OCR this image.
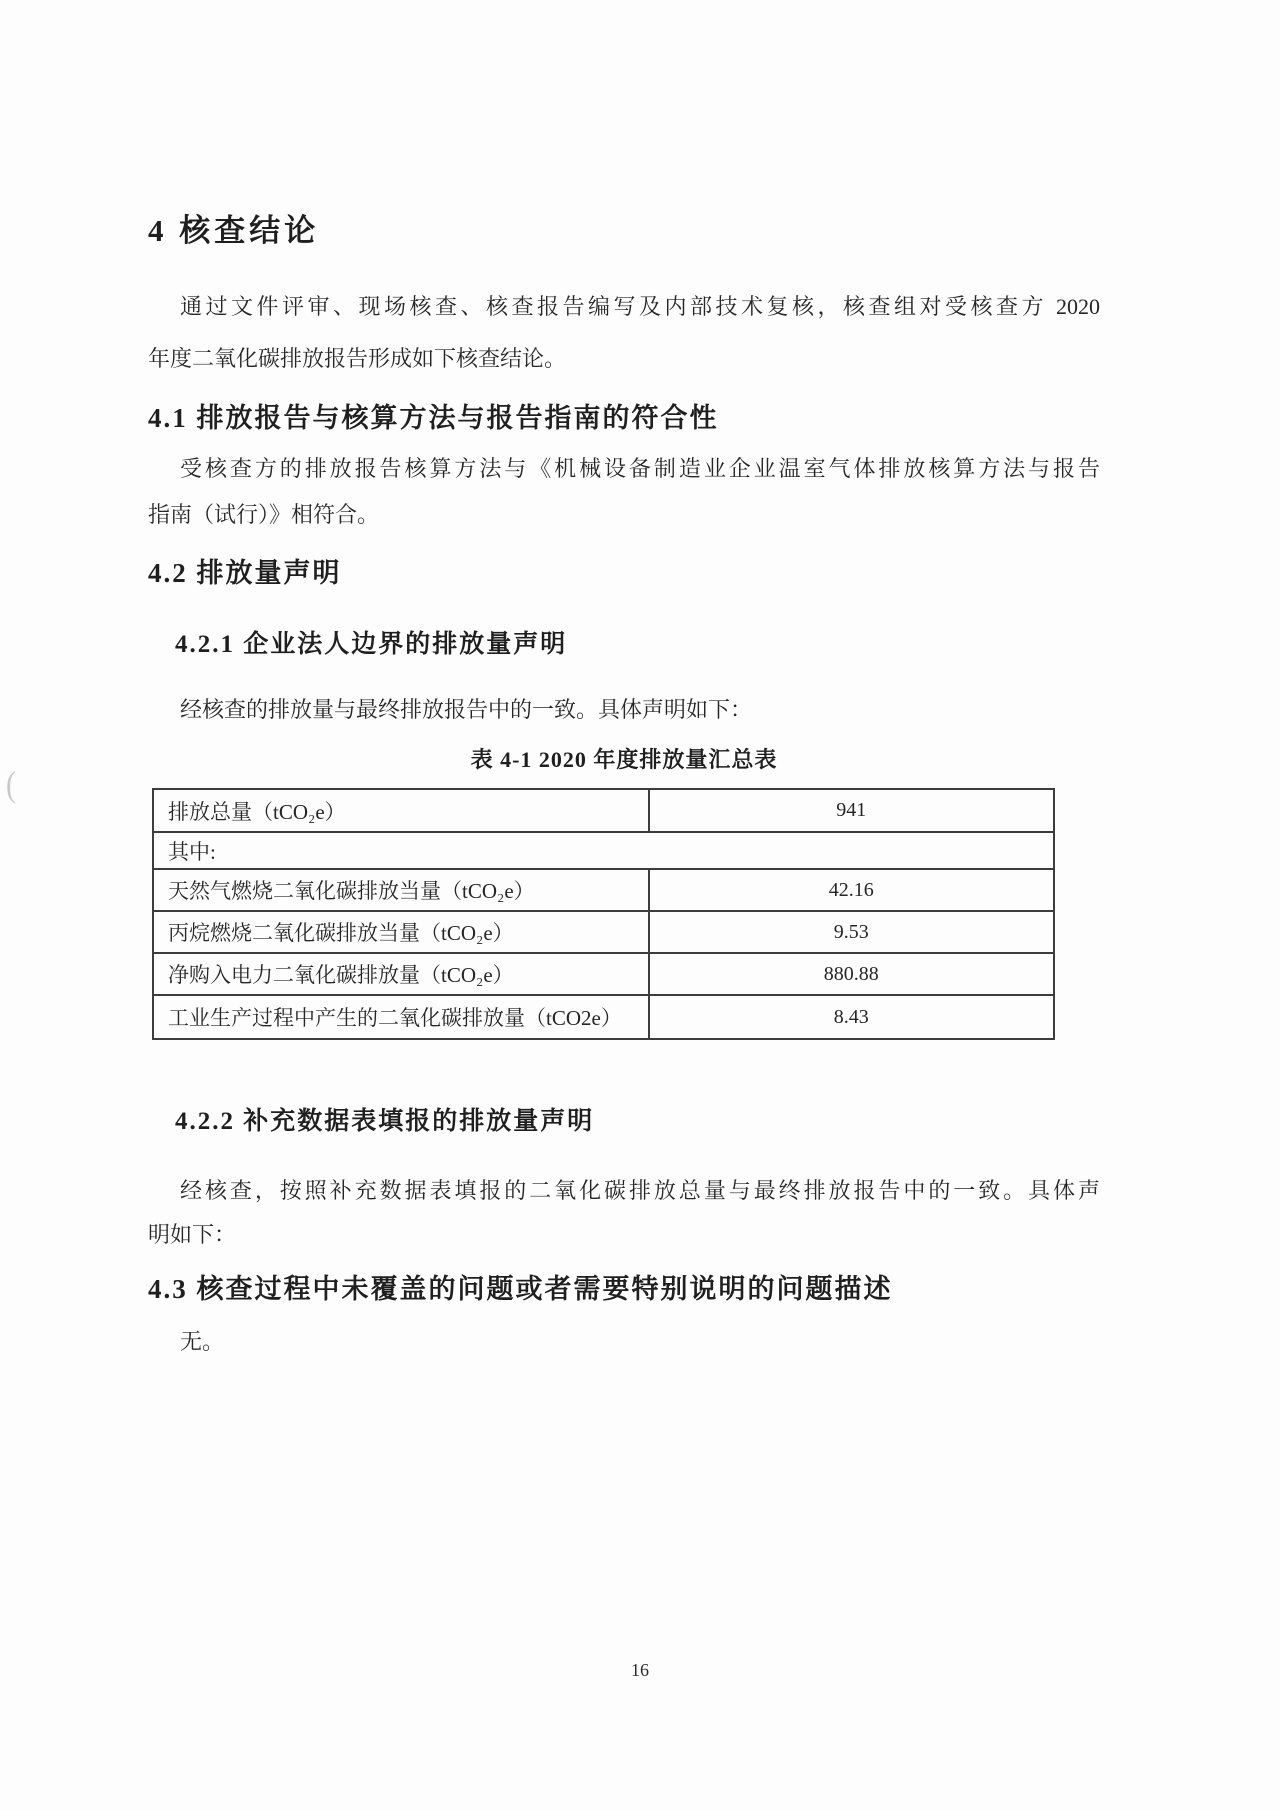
4 核查结论
通过文件评审、现场核查、核查报告编写及内部技术复核，核查组对受核查方 2020
年度二氧化碳排放报告形成如下核查结论。
4.1 排放报告与核算方法与报告指南的符合性
受核查方的排放报告核算方法与《机械设备制造业企业温室气体排放核算方法与报告
指南（试行）》相符合。
4.2 排放量声明
4.2.1 企业法人边界的排放量声明
经核查的排放量与最终排放报告中的一致。具体声明如下：
表 4-1 2020 年度排放量汇总表
排放总量（tCO₂e）	941
其中:	
天然气燃烧二氧化碳排放当量（tCO₂e）	42.16
丙烷燃烧二氧化碳排放当量（tCO₂e）	9.53
净购入电力二氧化碳排放量（tCO₂e）	880.88
工业生产过程中产生的二氧化碳排放量（tCO2e）	8.43
4.2.2 补充数据表填报的排放量声明
经核查，按照补充数据表填报的二氧化碳排放总量与最终排放报告中的一致。具体声
明如下：
4.3 核查过程中未覆盖的问题或者需要特别说明的问题描述
无。
(
16
